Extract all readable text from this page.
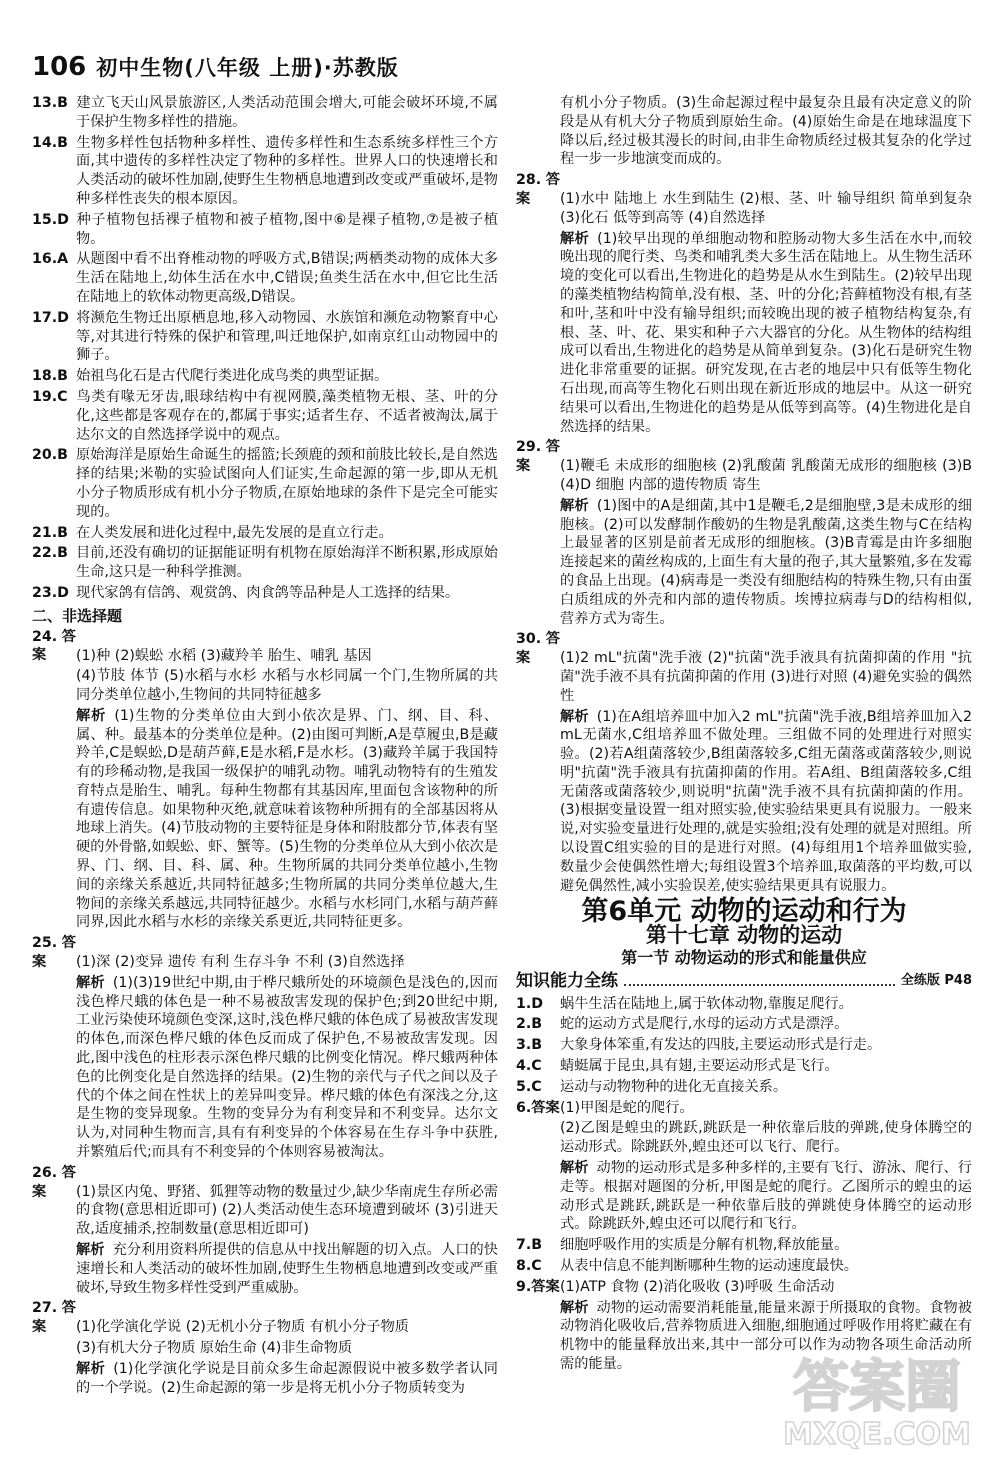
106 初中生物(八年级 上册)·苏教版

13.B 建立飞天山风景旅游区,人类活动范围会增大,可能会破坏环境,不属于保护生物多样性的措施。

14.B 生物多样性包括物种多样性、遗传多样性和生态系统多样性三个方面,其中遗传的多样性决定了物种的多样性。世界人口的快速增长和人类活动的破坏性加剧,使野生生物栖息地遭到改变或严重破坏,是物种多样性丧失的根本原因。

15.D 种子植物包括裸子植物和被子植物,图中⑥是裸子植物,⑦是被子植物。

16.A 从题图中看不出脊椎动物的呼吸方式,B错误;两栖类动物的成体大多生活在陆地上,幼体生活在水中,C错误;鱼类生活在水中,但它比生活在陆地上的软体动物更高级,D错误。

17.D 将濒危生物迁出原栖息地,移入动物园、水族馆和濒危动物繁育中心等,对其进行特殊的保护和管理,叫迁地保护,如南京红山动物园中的狮子。

18.B 始祖鸟化石是古代爬行类进化成鸟类的典型证据。

19.C 鸟类有喙无牙齿,眼球结构中有视网膜,藻类植物无根、茎、叶的分化,这些都是客观存在的,都属于事实;适者生存、不适者被淘汰,属于达尔文的自然选择学说中的观点。

20.B 原始海洋是原始生命诞生的摇篮;长颈鹿的颈和前肢比较长,是自然选择的结果;米勒的实验试图向人们证实,生命起源的第一步,即从无机小分子物质形成有机小分子物质,在原始地球的条件下是完全可能实现的。

21.B 在人类发展和进化过程中,最先发展的是直立行走。

22.B 目前,还没有确切的证据能证明有机物在原始海洋不断积累,形成原始生命,这只是一种科学推测。

23.D 现代家鸽有信鸽、观赏鸽、肉食鸽等品种是人工选择的结果。

二、非选择题

24.答案 (1)种 (2)蜈蚣 水稻 (3)藏羚羊 胎生、哺乳 基因

(4)节肢 体节 (5)水稻与水杉 水稻与水杉同属一个门,生物所属的共同分类单位越小,生物间的共同特征越多

解析 (1)生物的分类单位由大到小依次是界、门、纲、目、科、属、种。最基本的分类单位是种。(2)由图可判断,A是草履虫,B是藏羚羊,C是蜈蚣,D是葫芦藓,E是水稻,F是水杉。(3)藏羚羊属于我国特有的珍稀动物,是我国一级保护的哺乳动物。哺乳动物特有的生殖发育特点是胎生、哺乳。每种生物都有其基因库,里面包含该物种的所有遗传信息。如果物种灭绝,就意味着该物种所拥有的全部基因将从地球上消失。(4)节肢动物的主要特征是身体和附肢都分节,体表有坚硬的外骨骼,如蜈蚣、虾、蟹等。(5)生物的分类单位从大到小依次是界、门、纲、目、科、属、种。生物所属的共同分类单位越小,生物间的亲缘关系越近,共同特征越多;生物所属的共同分类单位越大,生物间的亲缘关系越远,共同特征越少。水稻与水杉同门,水稻与葫芦藓同界,因此水稻与水杉的亲缘关系更近,共同特征更多。

25.答案 (1)深 (2)变异 遗传 有利 生存斗争 不利 (3)自然选择

解析 (1)(3)19世纪中期,由于桦尺蛾所处的环境颜色是浅色的,因而浅色桦尺蛾的体色是一种不易被敌害发现的保护色;到20世纪中期,工业污染使环境颜色变深,这时,浅色桦尺蛾的体色成了易被敌害发现的体色,而深色桦尺蛾的体色反而成了保护色,不易被敌害发现。因此,图中浅色的柱形表示深色桦尺蛾的比例变化情况。桦尺蛾两种体色的比例变化是自然选择的结果。(2)生物的亲代与子代之间以及子代的个体之间在性状上的差异叫变异。桦尺蛾的体色有深浅之分,这是生物的变异现象。生物的变异分为有利变异和不利变异。达尔文认为,对同种生物而言,具有有利变异的个体容易在生存斗争中获胜,并繁殖后代;而具有不利变异的个体则容易被淘汰。

26.答案 (1)景区内兔、野猪、狐狸等动物的数量过少,缺少华南虎生存所必需的食物(意思相近即可) (2)人类活动使生态环境遭到破坏 (3)引进天敌,适度捕杀,控制数量(意思相近即可)

解析 充分利用资料所提供的信息从中找出解题的切入点。人口的快速增长和人类活动的破坏性加剧,使野生生物栖息地遭到改变或严重破坏,导致生物多样性受到严重威胁。

27.答案 (1)化学演化学说 (2)无机小分子物质 有机小分子物质

(3)有机大分子物质 原始生命 (4)非生命物质

解析 (1)化学演化学说是目前众多生命起源假说中被多数学者认同的一个学说。(2)生命起源的第一步是将无机小分子物质转变为

有机小分子物质。(3)生命起源过程中最复杂且最有决定意义的阶段是从有机大分子物质到原始生命。(4)原始生命是在地球温度下降以后,经过极其漫长的时间,由非生命物质经过极其复杂的化学过程一步一步地演变而成的。

28.答案 (1)水中 陆地上 水生到陆生 (2)根、茎、叶 输导组织 简单到复杂 (3)化石 低等到高等 (4)自然选择

解析 (1)较早出现的单细胞动物和腔肠动物大多生活在水中,而较晚出现的爬行类、鸟类和哺乳类大多生活在陆地上。从生物生活环境的变化可以看出,生物进化的趋势是从水生到陆生。(2)较早出现的藻类植物结构简单,没有根、茎、叶的分化;苔藓植物没有根,有茎和叶,茎和叶中没有输导组织;而较晚出现的被子植物结构复杂,有根、茎、叶、花、果实和种子六大器官的分化。从生物体的结构组成可以看出,生物进化的趋势是从简单到复杂。(3)化石是研究生物进化非常重要的证据。研究发现,在古老的地层中只有低等生物化石出现,而高等生物化石则出现在新近形成的地层中。从这一研究结果可以看出,生物进化的趋势是从低等到高等。(4)生物进化是自然选择的结果。

29.答案 (1)鞭毛 未成形的细胞核 (2)乳酸菌 乳酸菌无成形的细胞核 (3)B (4)D 细胞 内部的遗传物质 寄生

解析 (1)图中的A是细菌,其中1是鞭毛,2是细胞壁,3是未成形的细胞核。(2)可以发酵制作酸奶的生物是乳酸菌,这类生物与C在结构上最显著的区别是前者无成形的细胞核。(3)B青霉是由许多细胞连接起来的菌丝构成的,上面生有大量的孢子,其大量繁殖,多在发霉的食品上出现。(4)病毒是一类没有细胞结构的特殊生物,只有由蛋白质组成的外壳和内部的遗传物质。埃博拉病毒与D的结构相似,营养方式为寄生。

30.答案 (1)2 mL"抗菌"洗手液 (2)"抗菌"洗手液具有抗菌抑菌的作用 "抗菌"洗手液不具有抗菌抑菌的作用 (3)进行对照 (4)避免实验的偶然性

解析 (1)在A组培养皿中加入2 mL"抗菌"洗手液,B组培养皿加入2 mL无菌水,C组培养皿不做处理。三组做不同的处理进行对照实验。(2)若A组菌落较少,B组菌落较多,C组无菌落或菌落较少,则说明"抗菌"洗手液具有抗菌抑菌的作用。若A组、B组菌落较多,C组无菌落或菌落较少,则说明"抗菌"洗手液不具有抗菌抑菌的作用。(3)根据变量设置一组对照实验,使实验结果更具有说服力。一般来说,对实验变量进行处理的,就是实验组;没有处理的就是对照组。所以设置C组实验的目的是进行对照。(4)每组用1个培养皿做实验,数量少会使偶然性增大;每组设置3个培养皿,取菌落的平均数,可以避免偶然性,减小实验误差,使实验结果更具有说服力。

第6单元 动物的运动和行为
第十七章 动物的运动
第一节 动物运动的形式和能量供应
知识能力全练	全练版 P48

1.D 蜗牛生活在陆地上,属于软体动物,靠腹足爬行。

2.B 蛇的运动方式是爬行,水母的运动方式是漂浮。

3.B 大象身体笨重,有发达的四肢,主要运动形式是行走。

4.C 蜻蜓属于昆虫,具有翅,主要运动形式是飞行。

5.C 运动与动物物种的进化无直接关系。

6.答案(1)甲图是蛇的爬行。

(2)乙图是蝗虫的跳跃,跳跃是一种依靠后肢的弹跳,使身体腾空的运动形式。除跳跃外,蝗虫还可以飞行、爬行。

解析 动物的运动形式是多种多样的,主要有飞行、游泳、爬行、行走等。根据对题图的分析,甲图是蛇的爬行。乙图所示的蝗虫的运动形式是跳跃,跳跃是一种依靠后肢的弹跳使身体腾空的运动形式。除跳跃外,蝗虫还可以爬行和飞行。

7.B 细胞呼吸作用的实质是分解有机物,释放能量。

8.C 从表中信息不能判断哪种生物的运动速度最快。

9.答案(1)ATP 食物 (2)消化吸收 (3)呼吸 生命活动

解析 动物的运动需要消耗能量,能量来源于所摄取的食物。食物被动物消化吸收后,营养物质进入细胞,细胞通过呼吸作用将贮藏在有机物中的能量释放出来,其中一部分可以作为动物各项生命活动所需的能量。	答案圈
MXQE.COM
